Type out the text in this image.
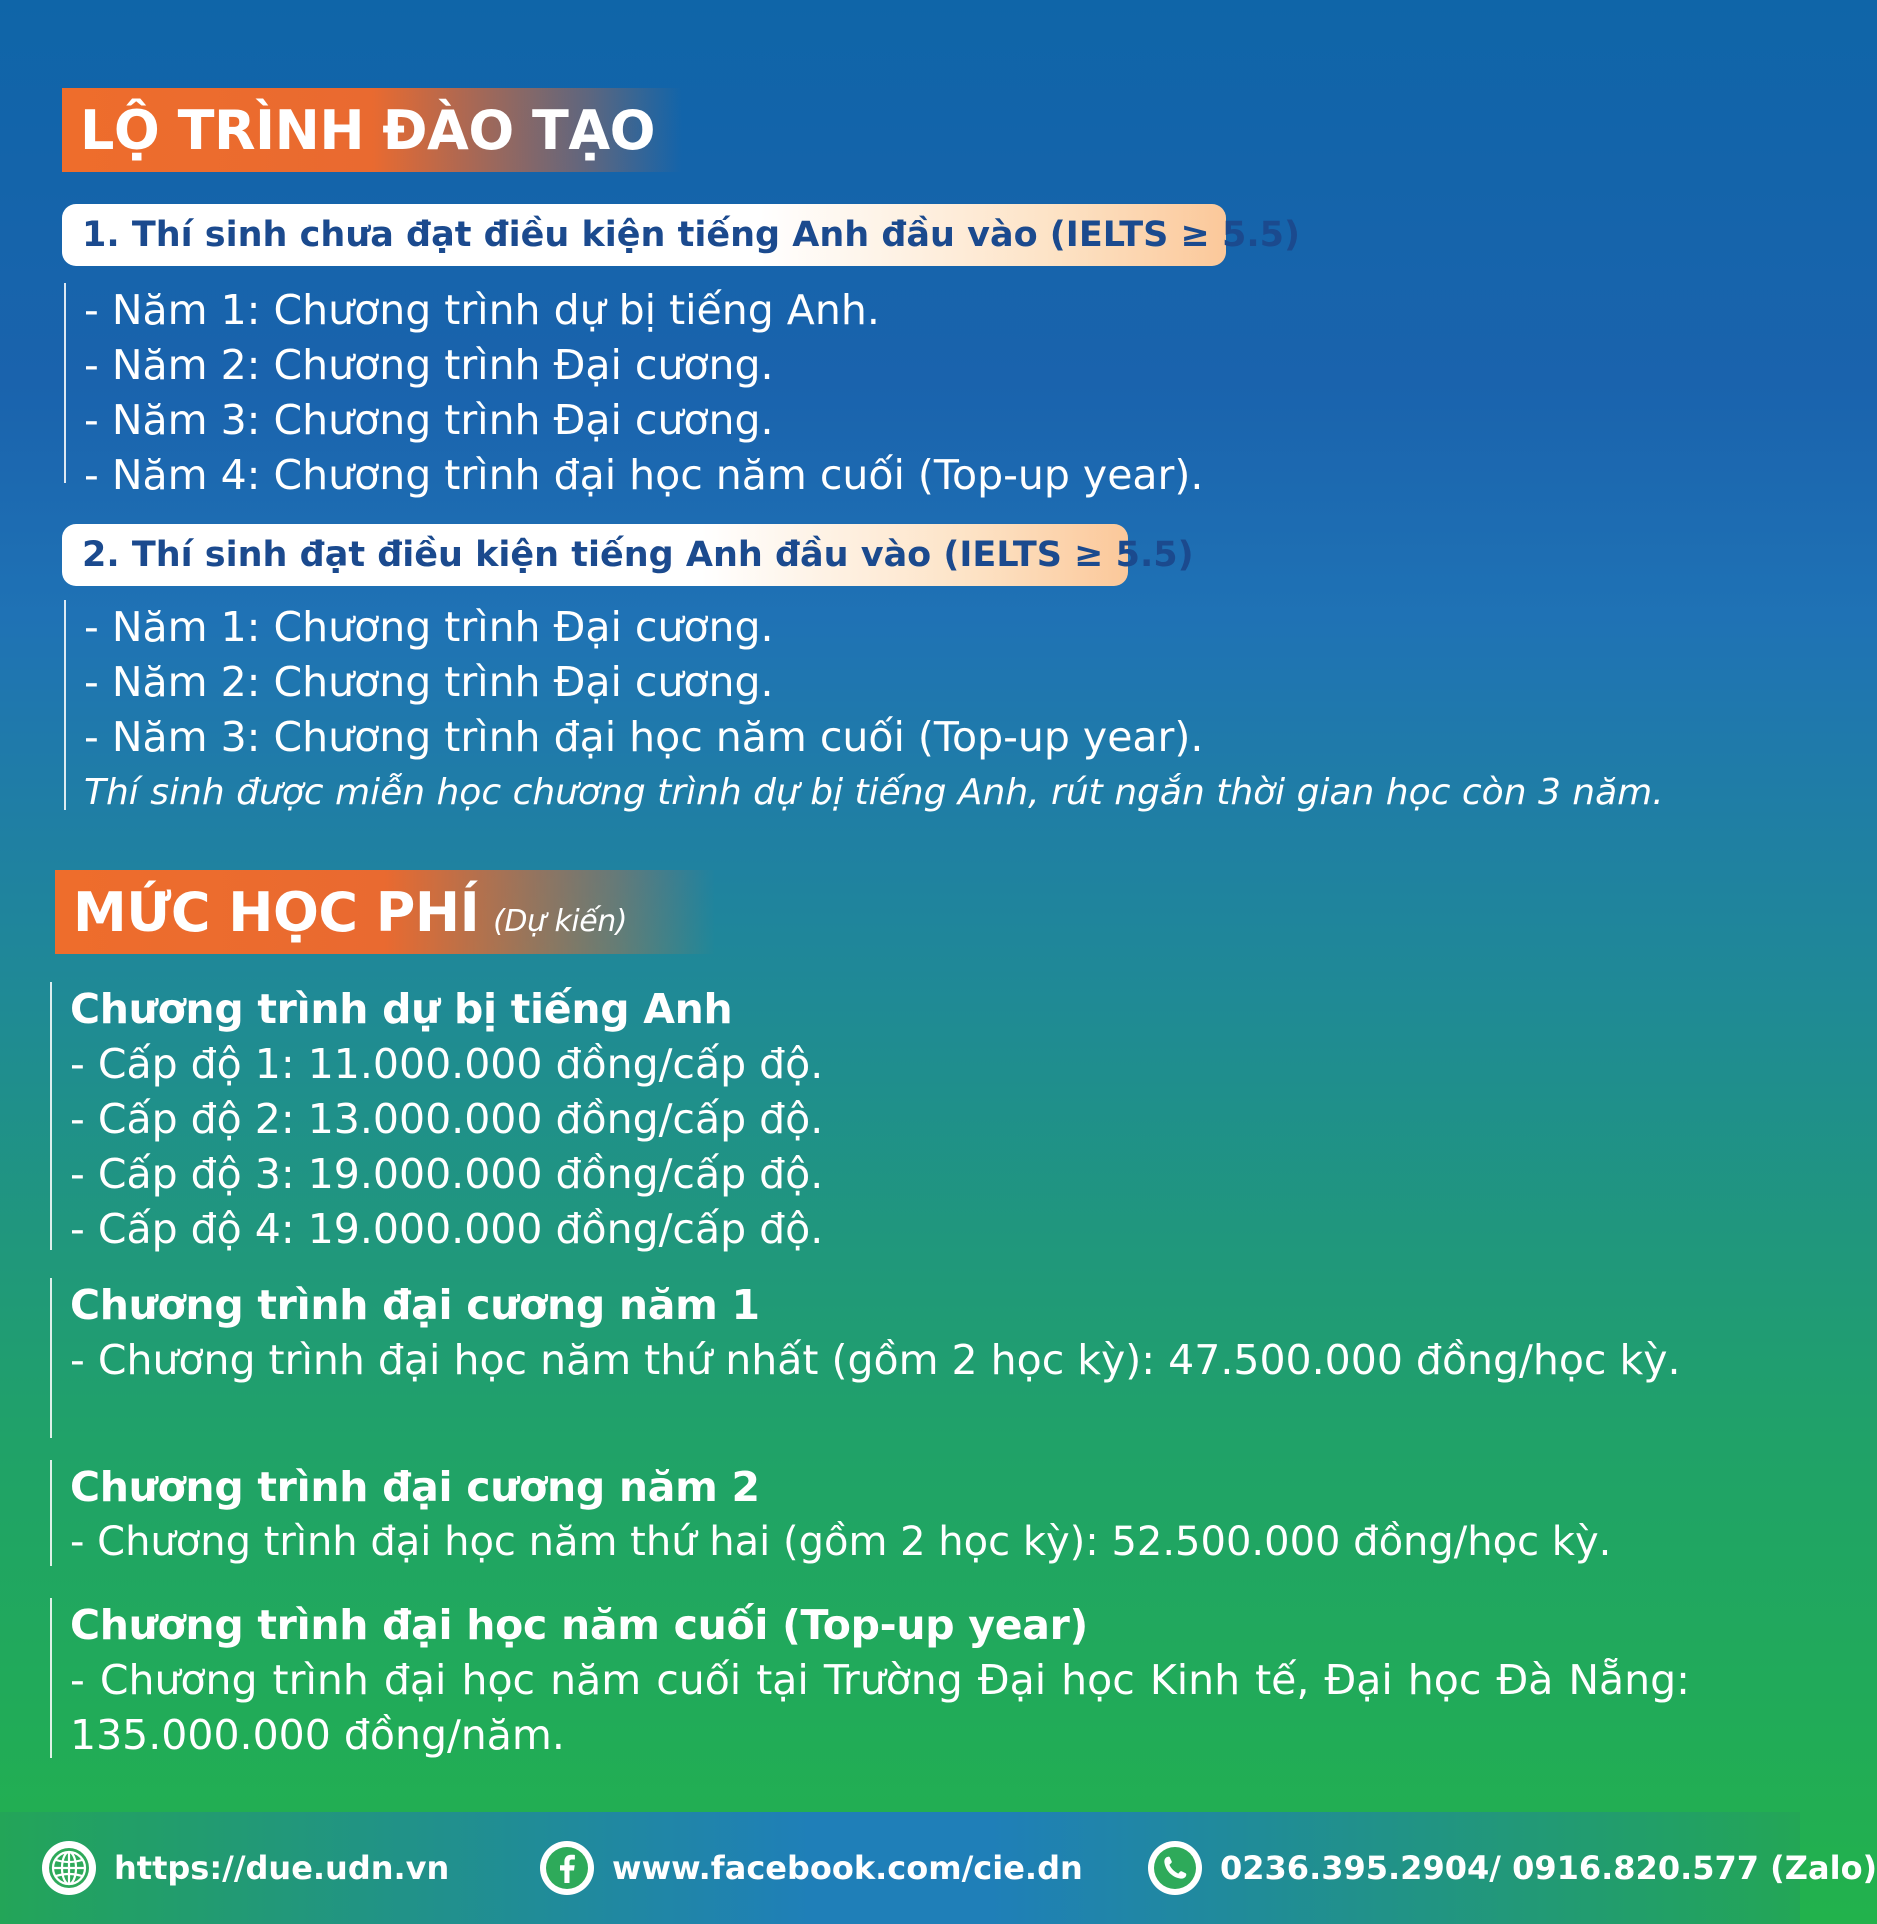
LỘ TRÌNH ĐÀO TẠO
1. Thí sinh chưa đạt điều kiện tiếng Anh đầu vào (IELTS ≥ 5.5)
- Năm 1: Chương trình dự bị tiếng Anh.
- Năm 2: Chương trình Đại cương.
- Năm 3: Chương trình Đại cương.
- Năm 4: Chương trình đại học năm cuối (Top-up year).
2. Thí sinh đạt điều kiện tiếng Anh đầu vào (IELTS ≥ 5.5)
- Năm 1: Chương trình Đại cương.
- Năm 2: Chương trình Đại cương.
- Năm 3: Chương trình đại học năm cuối (Top-up year).
Thí sinh được miễn học chương trình dự bị tiếng Anh, rút ngắn thời gian học còn 3 năm.
MỨC HỌC PHÍ (Dự kiến)
Chương trình dự bị tiếng Anh
- Cấp độ 1: 11.000.000 đồng/cấp độ.
- Cấp độ 2: 13.000.000 đồng/cấp độ.
- Cấp độ 3: 19.000.000 đồng/cấp độ.
- Cấp độ 4: 19.000.000 đồng/cấp độ.
Chương trình đại cương năm 1
- Chương trình đại học năm thứ nhất (gồm 2 học kỳ): 47.500.000 đồng/học kỳ.
Chương trình đại cương năm 2
- Chương trình đại học năm thứ hai (gồm 2 học kỳ): 52.500.000 đồng/học kỳ.
Chương trình đại học năm cuối (Top-up year)
- Chương trình đại học năm cuối tại Trường Đại học Kinh tế, Đại học Đà Nẵng: 135.000.000 đồng/năm.
https://due.udn.vn	www.facebook.com/cie.dn	0236.395.2904/ 0916.820.577 (Zalo)
